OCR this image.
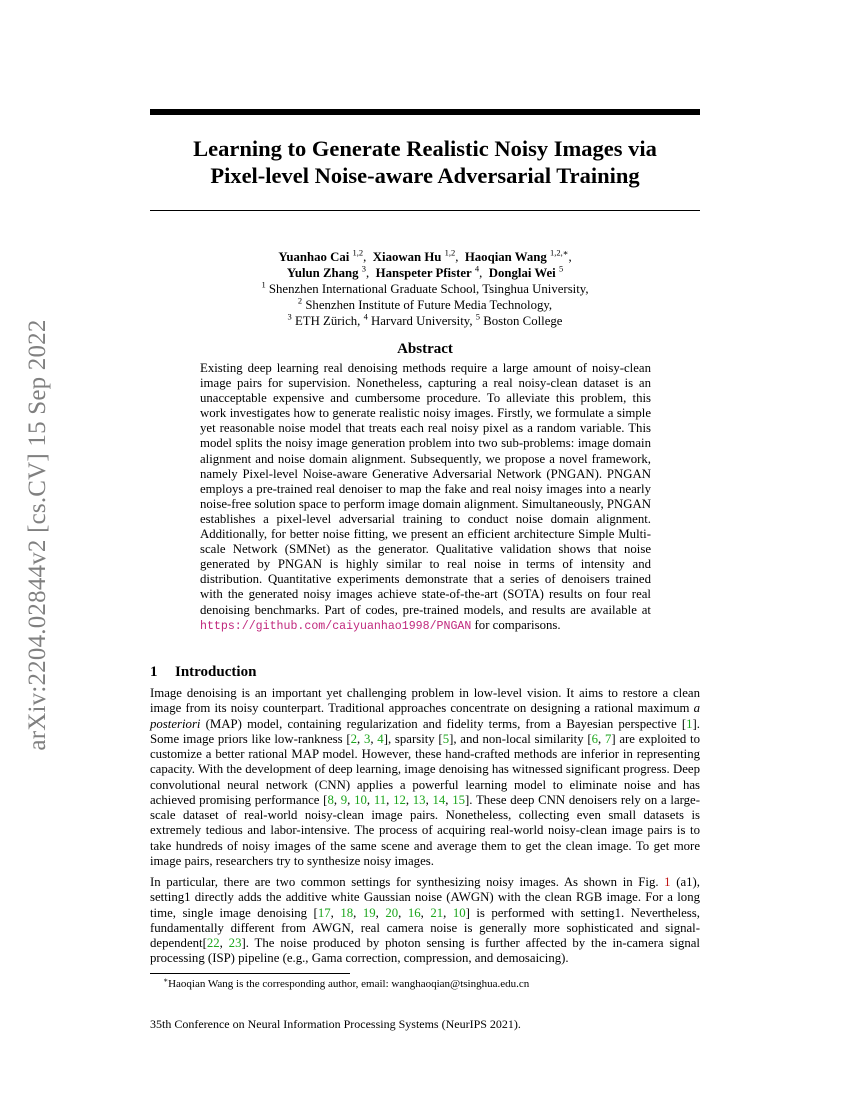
arXiv:2204.02844v2 [cs.CV] 15 Sep 2022
Learning to Generate Realistic Noisy Images via
Pixel-level Noise-aware Adversarial Training
Yuanhao Cai $^{1,2}$,  Xiaowan Hu $^{1,2}$,  Haoqian Wang $^{1,2,∗}$,
Yulun Zhang $^3$,  Hanspeter Pfister $^4$,  Donglai Wei $^5$
$^1$ Shenzhen International Graduate School, Tsinghua University,
$^2$ Shenzhen Institute of Future Media Technology,
$^3$ ETH Zürich, $^4$ Harvard University, $^5$ Boston College
Abstract

Existing deep learning real denoising methods require a large amount of noisy-clean image pairs for supervision. Nonetheless, capturing a real noisy-clean dataset is an unacceptable expensive and cumbersome procedure. To alleviate this problem, this work investigates how to generate realistic noisy images. Firstly, we formulate a simple yet reasonable noise model that treats each real noisy pixel as a random variable. This model splits the noisy image generation problem into two sub-problems: image domain alignment and noise domain alignment. Subsequently, we propose a novel framework, namely Pixel-level Noise-aware Generative Adversarial Network (PNGAN). PNGAN employs a pre-trained real denoiser to map the fake and real noisy images into a nearly noise-free solution space to perform image domain alignment. Simultaneously, PNGAN establishes a pixel-level adversarial training to conduct noise domain alignment. Additionally, for better noise fitting, we present an efficient architecture Simple Multi-scale Network (SMNet) as the generator. Qualitative validation shows that noise generated by PNGAN is highly similar to real noise in terms of intensity and distribution. Quantitative experiments demonstrate that a series of denoisers trained with the generated noisy images achieve state-of-the-art (SOTA) results on four real denoising benchmarks. Part of codes, pre-trained models, and results are available at https://github.com/caiyuanhao1998/PNGAN for comparisons.

1 Introduction

Image denoising is an important yet challenging problem in low-level vision. It aims to restore a clean image from its noisy counterpart. Traditional approaches concentrate on designing a rational maximum a posteriori (MAP) model, containing regularization and fidelity terms, from a Bayesian perspective [1]. Some image priors like low-rankness [2, 3, 4], sparsity [5], and non-local similarity [6, 7] are exploited to customize a better rational MAP model. However, these hand-crafted methods are inferior in representing capacity. With the development of deep learning, image denoising has witnessed significant progress. Deep convolutional neural network (CNN) applies a powerful learning model to eliminate noise and has achieved promising performance [8, 9, 10, 11, 12, 13, 14, 15]. These deep CNN denoisers rely on a large-scale dataset of real-world noisy-clean image pairs. Nonetheless, collecting even small datasets is extremely tedious and labor-intensive. The process of acquiring real-world noisy-clean image pairs is to take hundreds of noisy images of the same scene and average them to get the clean image. To get more image pairs, researchers try to synthesize noisy images.

In particular, there are two common settings for synthesizing noisy images. As shown in Fig. 1 (a1), setting1 directly adds the additive white Gaussian noise (AWGN) with the clean RGB image. For a long time, single image denoising [17, 18, 19, 20, 16, 21, 10] is performed with setting1. Nevertheless, fundamentally different from AWGN, real camera noise is generally more sophisticated and signal-dependent[22, 23]. The noise produced by photon sensing is further affected by the in-camera signal processing (ISP) pipeline (e.g., Gama correction, compression, and demosaicing).

∗Haoqian Wang is the corresponding author, email: wanghaoqian@tsinghua.edu.cn
35th Conference on Neural Information Processing Systems (NeurIPS 2021).
